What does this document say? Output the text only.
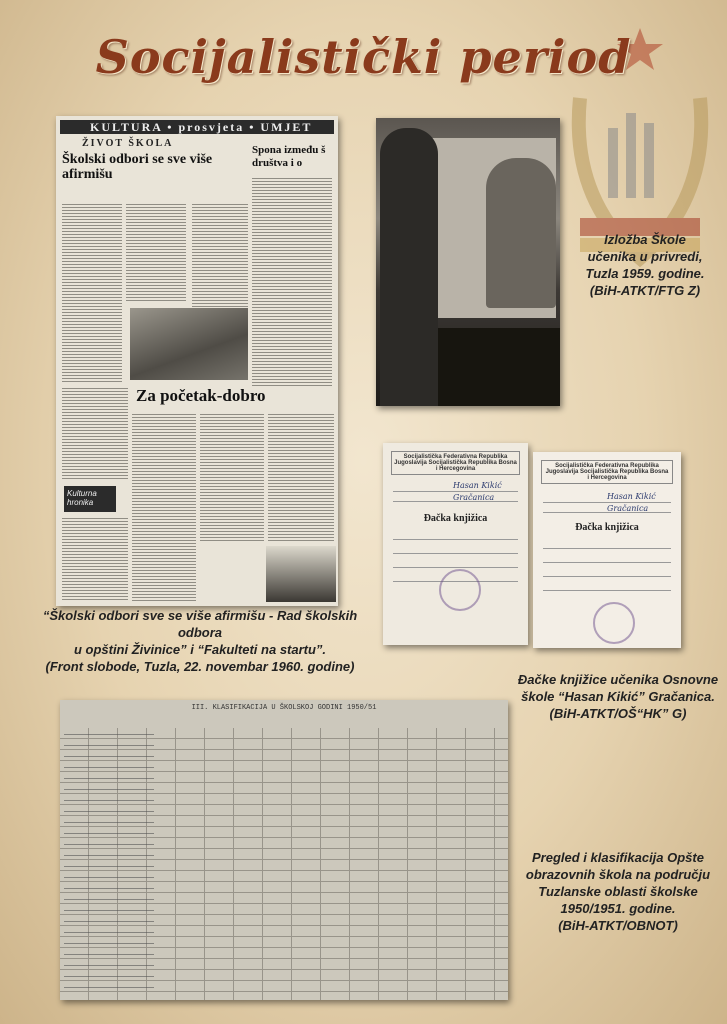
Socijalistički period
KULTURA • prosvjeta • UMJET
ŽIVOT ŠKOLA
Školski odbori se sve više afirmišu
Spona između š društva i o
Za početak-dobro
Kulturna hronika
“Školski odbori sve se više afirmišu - Rad školskih odbora
u opštini Živinice” i “Fakulteti na startu”.
(Front slobode, Tuzla, 22. novembar 1960. godine)
Izložba Škole
učenika u privredi,
Tuzla 1959. godine.
(BiH-ATKT/FTG Z)
Socijalistička Federativna Republika Jugoslavija Socijalistička Republika Bosna i Hercegovina
Hasan Kikić
Gračanica
Đačka knjižica
Socijalistička Federativna Republika Jugoslavija Socijalistička Republika Bosna i Hercegovina
Hasan Kikić
Gračanica
Đačka knjižica
Đačke knjižice učenika Osnovne
škole “Hasan Kikić” Gračanica.
(BiH-ATKT/OŠ“HK” G)
III. KLASIFIKACIJA U ŠKOLSKOJ GODINI 1950/51
Pregled i klasifikacija Opšte
obrazovnih škola na području
Tuzlanske oblasti školske
1950/1951. godine.
(BiH-ATKT/OBNOT)
